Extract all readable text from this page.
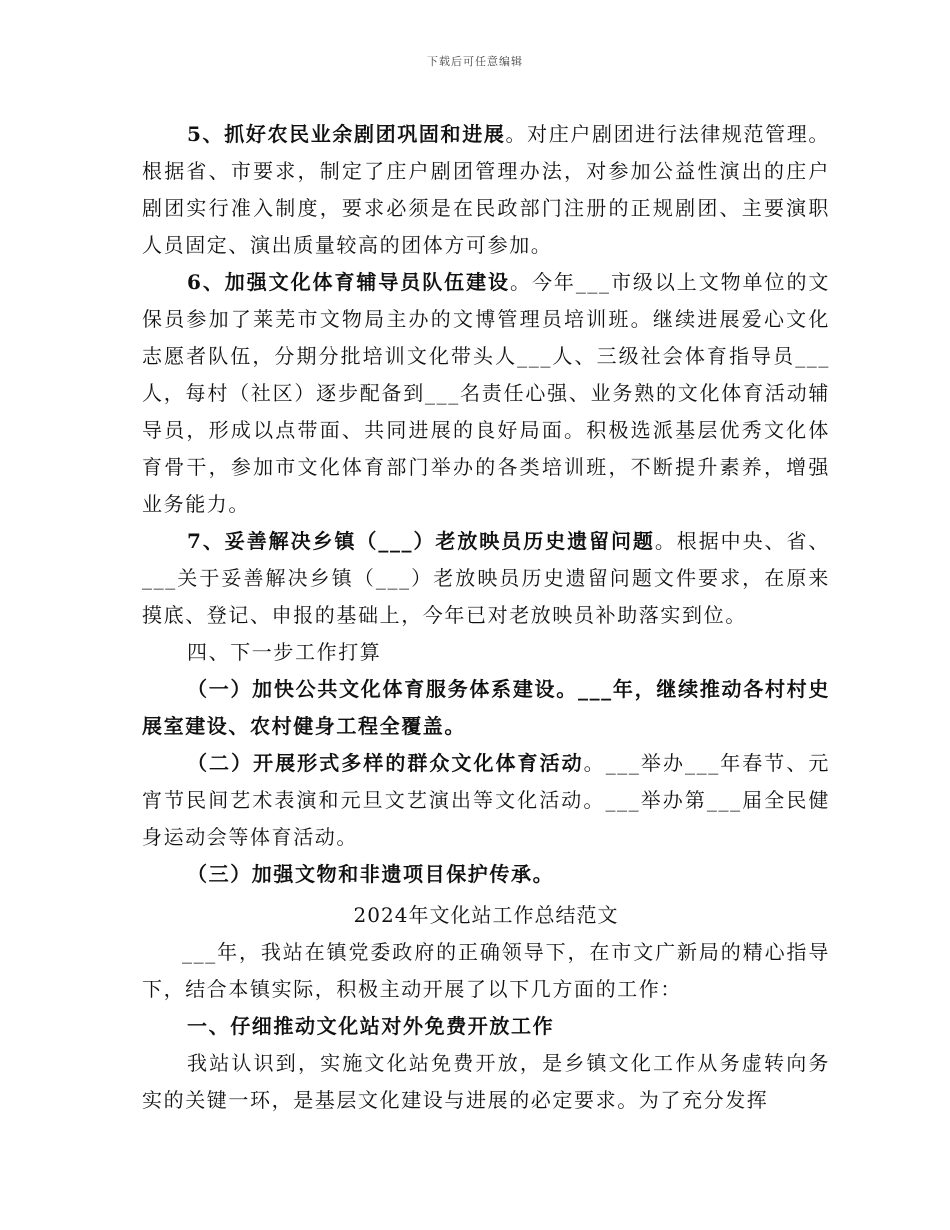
下载后可任意编辑

5、抓好农民业余剧团巩固和进展。对庄户剧团进行法律规范管理。根据省、市要求，制定了庄户剧团管理办法，对参加公益性演出的庄户剧团实行准入制度，要求必须是在民政部门注册的正规剧团、主要演职人员固定、演出质量较高的团体方可参加。

6、加强文化体育辅导员队伍建设。今年___市级以上文物单位的文保员参加了莱芜市文物局主办的文博管理员培训班。继续进展爱心文化志愿者队伍，分期分批培训文化带头人___人、三级社会体育指导员___人，每村（社区）逐步配备到___名责任心强、业务熟的文化体育活动辅导员，形成以点带面、共同进展的良好局面。积极选派基层优秀文化体育骨干，参加市文化体育部门举办的各类培训班，不断提升素养，增强业务能力。

7、妥善解决乡镇（___）老放映员历史遗留问题。根据中央、省、___关于妥善解决乡镇（___）老放映员历史遗留问题文件要求，在原来摸底、登记、申报的基础上，今年已对老放映员补助落实到位。

四、下一步工作打算

（一）加快公共文化体育服务体系建设。___年，继续推动各村村史展室建设、农村健身工程全覆盖。

（二）开展形式多样的群众文化体育活动。___举办___年春节、元宵节民间艺术表演和元旦文艺演出等文化活动。___举办第___届全民健身运动会等体育活动。

（三）加强文物和非遗项目保护传承。

2024年文化站工作总结范文

___年，我站在镇党委政府的正确领导下，在市文广新局的精心指导下，结合本镇实际，积极主动开展了以下几方面的工作：

一、仔细推动文化站对外免费开放工作

我站认识到，实施文化站免费开放，是乡镇文化工作从务虚转向务实的关键一环，是基层文化建设与进展的必定要求。为了充分发挥
